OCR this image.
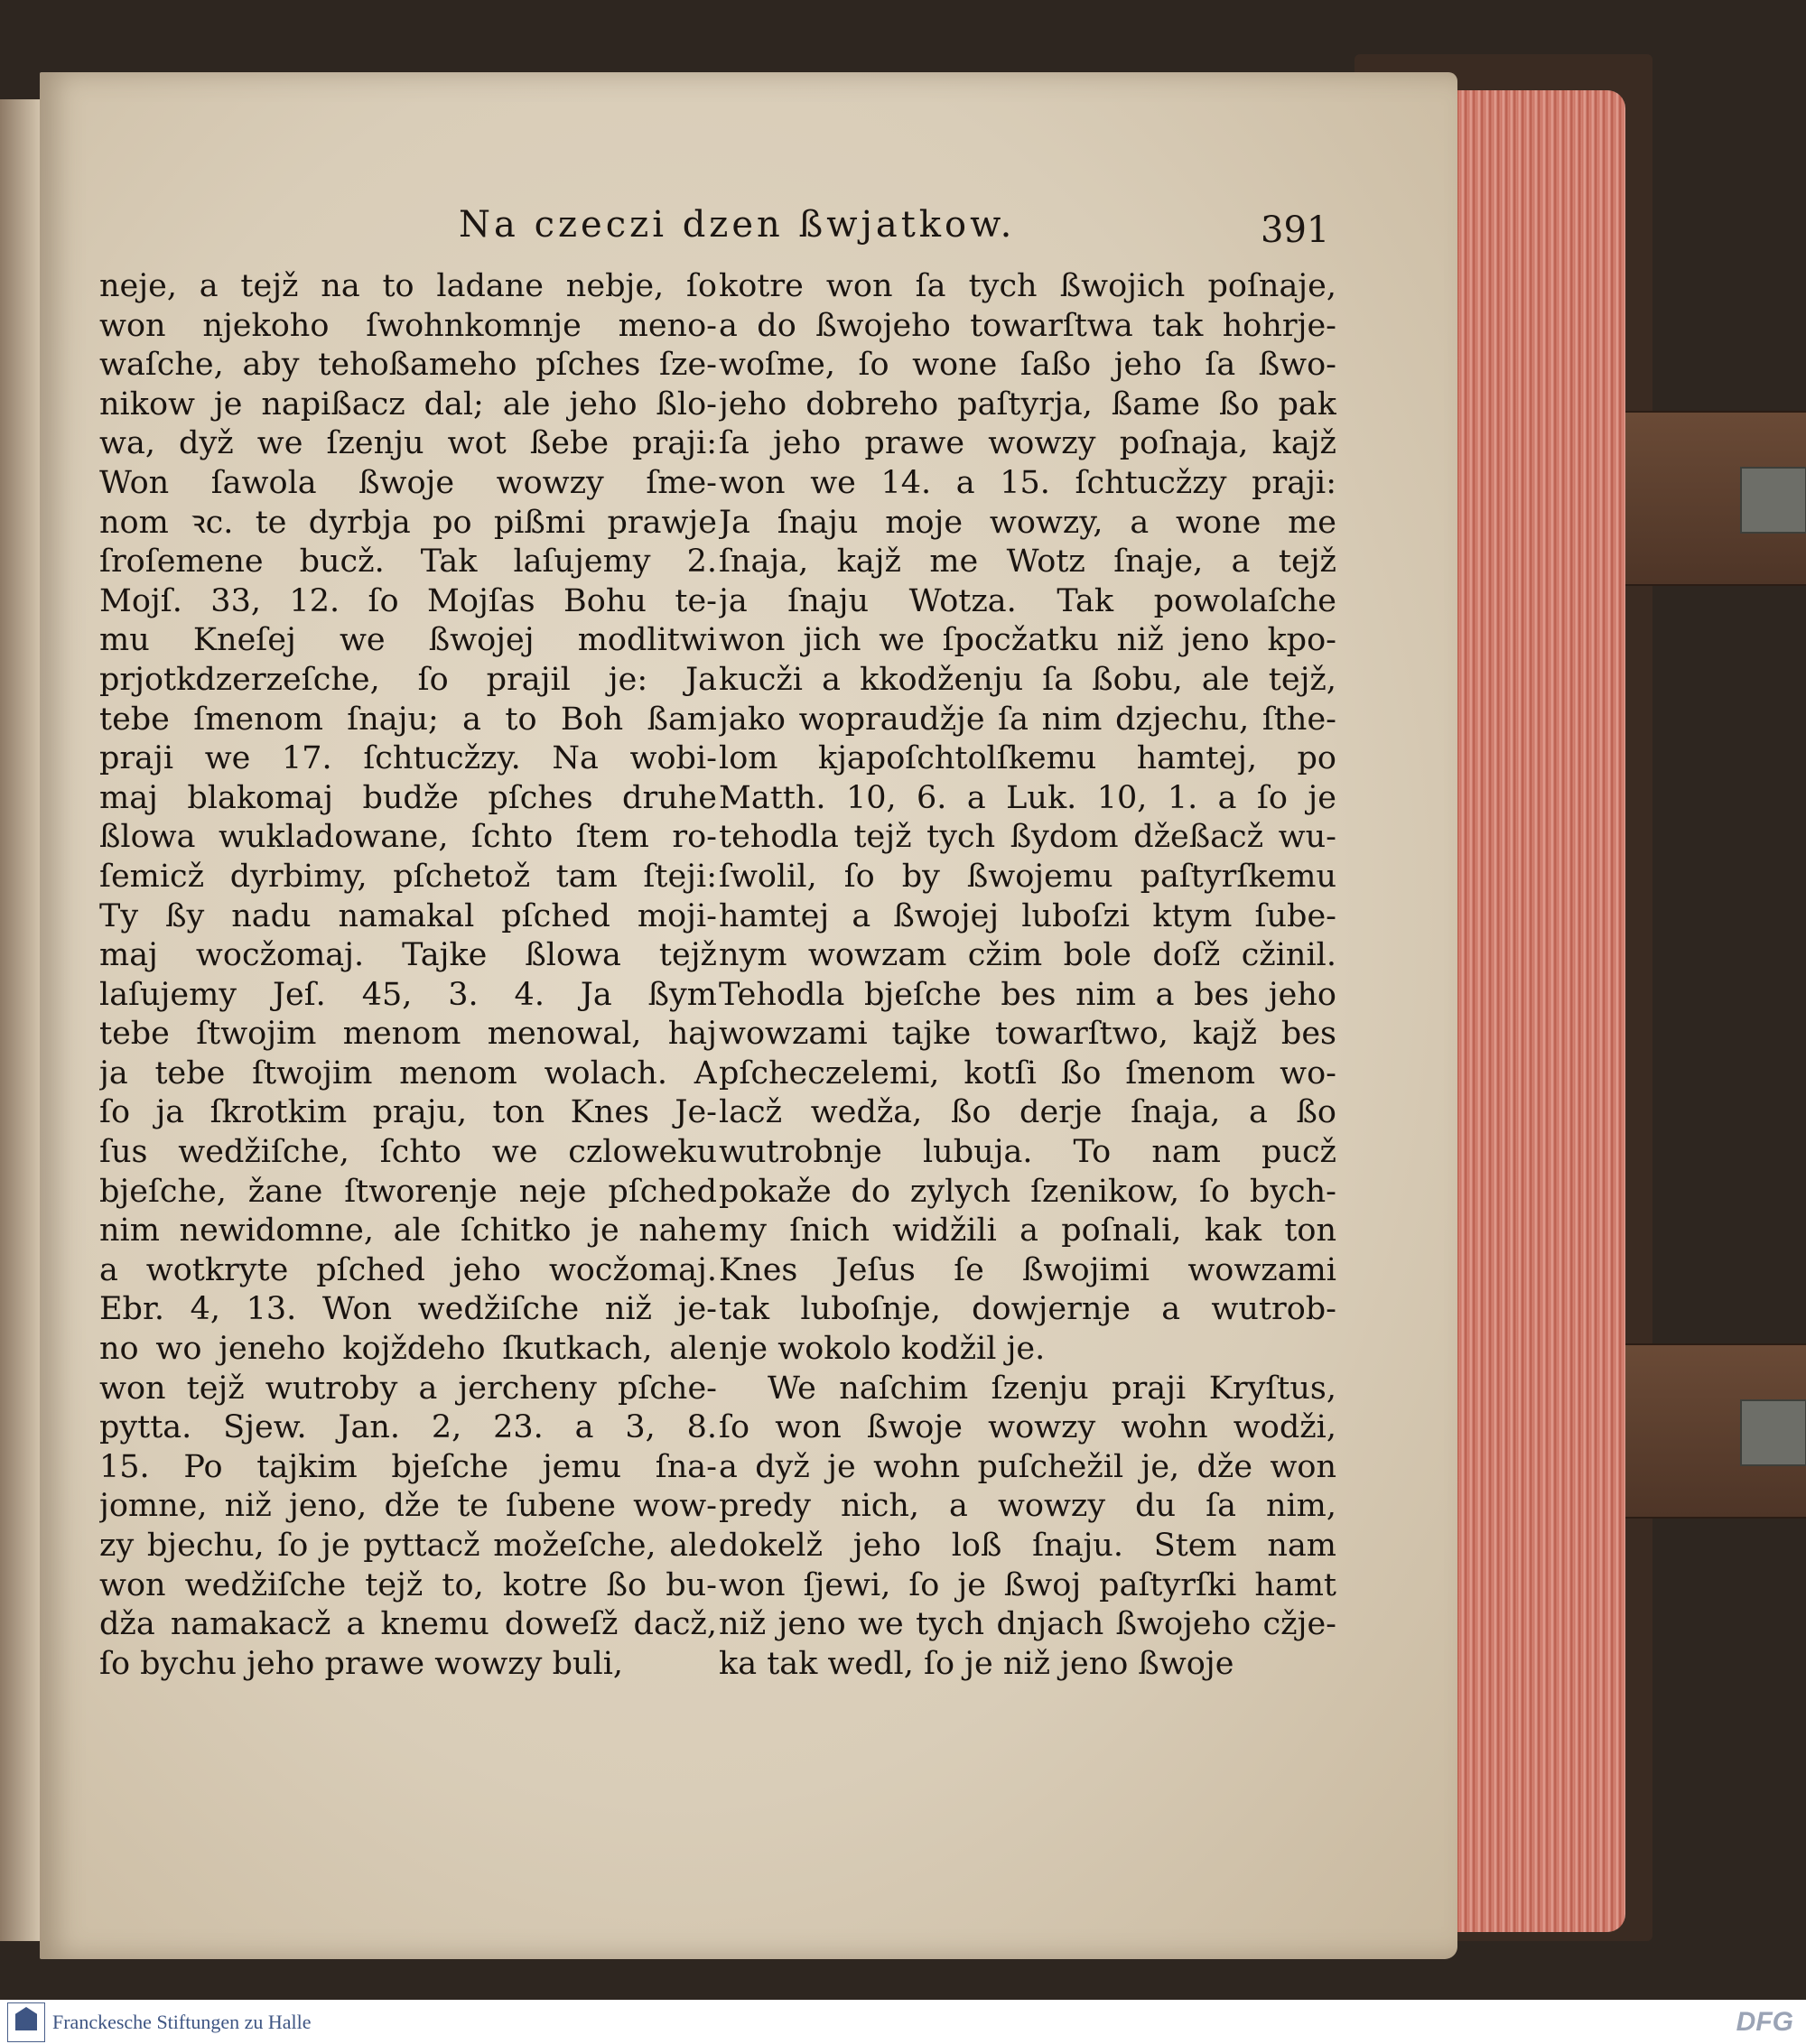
Na czeczi dzen ßwjatkow.	391
neje, a tejž na to ladane nebje, ſo
won njekoho ſwohnkomnje meno-
waſche, aby tehoßameho pſches ſze-
nikow je napißacz dal; ale jeho ßlo-
wa, dyž we ſzenju wot ßebe praji:
Won ſawola ßwoje wowzy ſme-
nom ꝛc. te dyrbja po pißmi prawje
ſroſemene bucž. Tak laſujemy 2.
Mojſ. 33, 12. ſo Mojſas Bohu te-
mu Kneſej we ßwojej modlitwi
prjotkdzerzeſche, ſo prajil je: Ja
tebe ſmenom ſnaju; a to Boh ßam
praji we 17. ſchtucžzy. Na wobi-
maj blakomaj budže pſches druhe
ßlowa wukladowane, ſchto ſtem ro-
ſemicž dyrbimy, pſchetož tam ſteji:
Ty ßy nadu namakal pſched moji-
maj wocžomaj. Tajke ßlowa tejž
laſujemy Jeſ. 45, 3. 4. Ja ßym
tebe ſtwojim menom menowal, haj
ja tebe ſtwojim menom wolach. A
ſo ja ſkrotkim praju, ton Knes Je-
ſus wedžiſche, ſchto we czloweku
bjeſche, žane ſtworenje neje pſched
nim newidomne, ale ſchitko je nahe
a wotkryte pſched jeho wocžomaj.
Ebr. 4, 13. Won wedžiſche niž je-
no wo jeneho kojždeho ſkutkach, ale
won tejž wutroby a jercheny pſche-
pytta. Sjew. Jan. 2, 23. a 3, 8.
15. Po tajkim bjeſche jemu ſna-
jomne, niž jeno, dže te ſubene wow-
zy bjechu, ſo je pyttacž možeſche, ale
won wedžiſche tejž to, kotre ßo bu-
dža namakacž a knemu doweſž dacž,
ſo bychu jeho prawe wowzy buli,
kotre won ſa tych ßwojich poſnaje,
a do ßwojeho towarſtwa tak hohrje-
woſme, ſo wone ſaßo jeho ſa ßwo-
jeho dobreho paſtyrja, ßame ßo pak
ſa jeho prawe wowzy poſnaja, kajž
won we 14. a 15. ſchtucžzy praji:
Ja ſnaju moje wowzy, a wone me
ſnaja, kajž me Wotz ſnaje, a tejž
ja ſnaju Wotza. Tak powolaſche
won jich we ſpocžatku niž jeno kpo-
kucži a kkodženju ſa ßobu, ale tejž,
jako wopraudžje ſa nim dzjechu, ſthe-
lom kjapoſchtolſkemu hamtej, po
Matth. 10, 6. a Luk. 10, 1. a ſo je
tehodla tejž tych ßydom džeßacž wu-
ſwolil, ſo by ßwojemu paſtyrſkemu
hamtej a ßwojej luboſzi ktym ſube-
nym wowzam cžim bole doſž cžinil.
Tehodla bjeſche bes nim a bes jeho
wowzami tajke towarſtwo, kajž bes
pſcheczelemi, kotſi ßo ſmenom wo-
lacž wedža, ßo derje ſnaja, a ßo
wutrobnje lubuja. To nam pucž
pokaže do zylych ſzenikow, ſo bych-
my ſnich widžili a poſnali, kak ton
Knes Jeſus ſe ßwojimi wowzami
tak luboſnje, dowjernje a wutrob-
nje wokolo kodžil je.
We naſchim ſzenju praji Kryſtus,
ſo won ßwoje wowzy wohn wodži,
a dyž je wohn puſchežil je, dže won
predy nich, a wowzy du ſa nim,
dokelž jeho loß ſnaju. Stem nam
won ſjewi, ſo je ßwoj paſtyrſki hamt
niž jeno we tych dnjach ßwojeho cžje-
ka tak wedl, ſo je niž jeno ßwoje
Franckesche Stiftungen zu Halle	DFG
